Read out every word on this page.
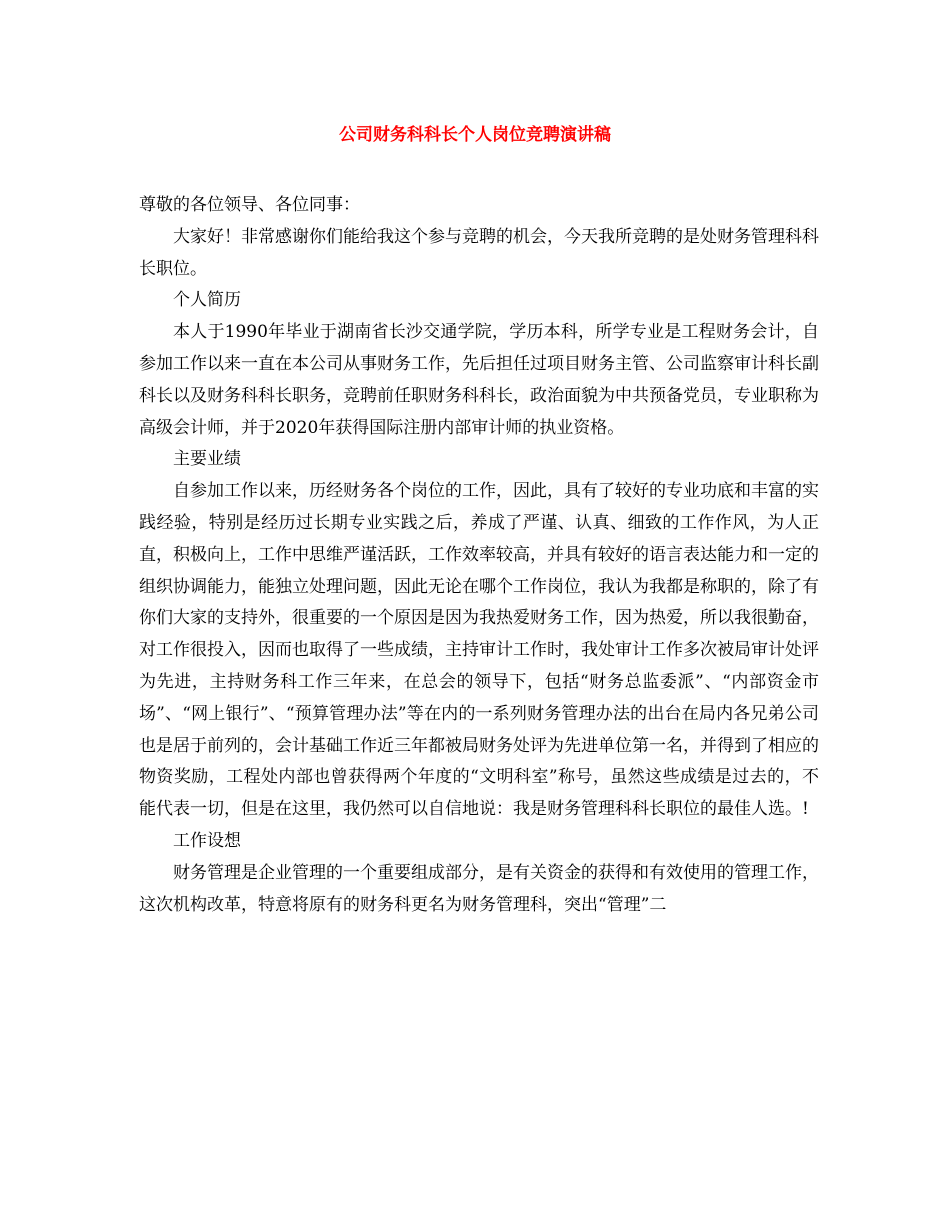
公司财务科科长个人岗位竞聘演讲稿

尊敬的各位领导、各位同事：

大家好！非常感谢你们能给我这个参与竞聘的机会，今天我所竞聘的是处财务管理科科长职位。

个人简历

本人于1990年毕业于湖南省长沙交通学院，学历本科，所学专业是工程财务会计，自参加工作以来一直在本公司从事财务工作，先后担任过项目财务主管、公司监察审计科长副科长以及财务科科长职务，竞聘前任职财务科科长，政治面貌为中共预备党员，专业职称为高级会计师，并于2020年获得国际注册内部审计师的执业资格。

主要业绩

自参加工作以来，历经财务各个岗位的工作，因此，具有了较好的专业功底和丰富的实践经验，特别是经历过长期专业实践之后，养成了严谨、认真、细致的工作作风，为人正直，积极向上，工作中思维严谨活跃，工作效率较高，并具有较好的语言表达能力和一定的组织协调能力，能独立处理问题，因此无论在哪个工作岗位，我认为我都是称职的，除了有你们大家的支持外，很重要的一个原因是因为我热爱财务工作，因为热爱，所以我很勤奋，对工作很投入，因而也取得了一些成绩，主持审计工作时，我处审计工作多次被局审计处评为先进，主持财务科工作三年来，在总会的领导下，包括“财务总监委派”、“内部资金市场”、“网上银行”、“预算管理办法”等在内的一系列财务管理办法的出台在局内各兄弟公司也是居于前列的，会计基础工作近三年都被局财务处评为先进单位第一名，并得到了相应的物资奖励，工程处内部也曾获得两个年度的“文明科室”称号，虽然这些成绩是过去的，不能代表一切，但是在这里，我仍然可以自信地说：我是财务管理科科长职位的最佳人选。!

工作设想

财务管理是企业管理的一个重要组成部分，是有关资金的获得和有效使用的管理工作，这次机构改革，特意将原有的财务科更名为财务管理科，突出“管理”二
